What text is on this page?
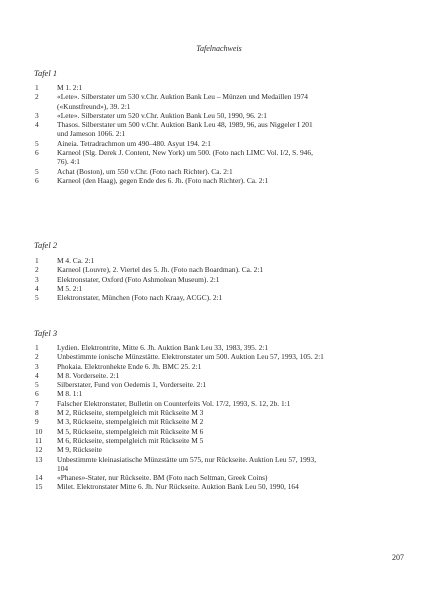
Tafelnachweis
Tafel 1
1	M 1. 2:1
2	«Lete». Silberstater um 530 v.Chr. Auktion Bank Leu – Münzen und Medaillen 1974 («Kunstfreund»), 39. 2:1
3	«Lete». Silberstater um 520 v.Chr. Auktion Bank Leu 50, 1990, 96. 2:1
4	Thasos. Silberstater um 500 v.Chr. Auktion Bank Leu 48, 1989, 96, aus Niggeler I 201 und Jameson 1066. 2:1
5	Aineia. Tetradrachmon um 490–480. Asyut 194. 2:1
6	Karneol (Slg. Derek J. Content, New York) um 500. (Foto nach LIMC Vol. I/2, S. 946, 76). 4:1
5	Achat (Boston), um 550 v.Chr. (Foto nach Richter). Ca. 2:1
6	Karneol (den Haag), gegen Ende des 6. Jh. (Foto nach Richter). Ca. 2:1
Tafel 2
1	M 4. Ca. 2:1
2	Karneol (Louvre), 2. Viertel des 5. Jh. (Foto nach Boardman). Ca. 2:1
3	Elektronstater, Oxford (Foto Ashmolean Museum). 2:1
4	M 5. 2:1
5	Elektronstater, München (Foto nach Kraay, ACGC). 2:1
Tafel 3
1	Lydien. Elektrontrite, Mitte 6. Jh. Auktion Bank Leu 33, 1983, 395. 2:1
2	Unbestimmte ionische Münzstätte. Elektronstater um 500. Auktion Leu 57, 1993, 105. 2:1
3	Phokaia. Elektronhekte Ende 6. Jh. BMC 25. 2:1
4	M 8. Vorderseite. 2:1
5	Silberstater, Fund von Oedemis 1, Vorderseite. 2:1
6	M 8. 1:1
7	Falscher Elektronstater, Bulletin on Counterfeits Vol. 17/2, 1993, S. 12, 2b. 1:1
8	M 2, Rückseite, stempelgleich mit Rückseite M 3
9	M 3, Rückseite, stempelgleich mit Rückseite M 2
10	M 5, Rückseite, stempelgleich mit Rückseite M 6
11	M 6, Rückseite, stempelgleich mit Rückseite M 5
12	M 9, Rückseite
13	Unbestimmte kleinasiatische Münzstätte um 575, nur Rückseite. Auktion Leu 57, 1993, 104
14	«Phanes»-Stater, nur Rückseite. BM (Foto nach Seltman, Greek Coins)
15	Milet. Elektronstater Mitte 6. Jh. Nur Rückseite. Auktion Bank Leu 50, 1990, 164
207
